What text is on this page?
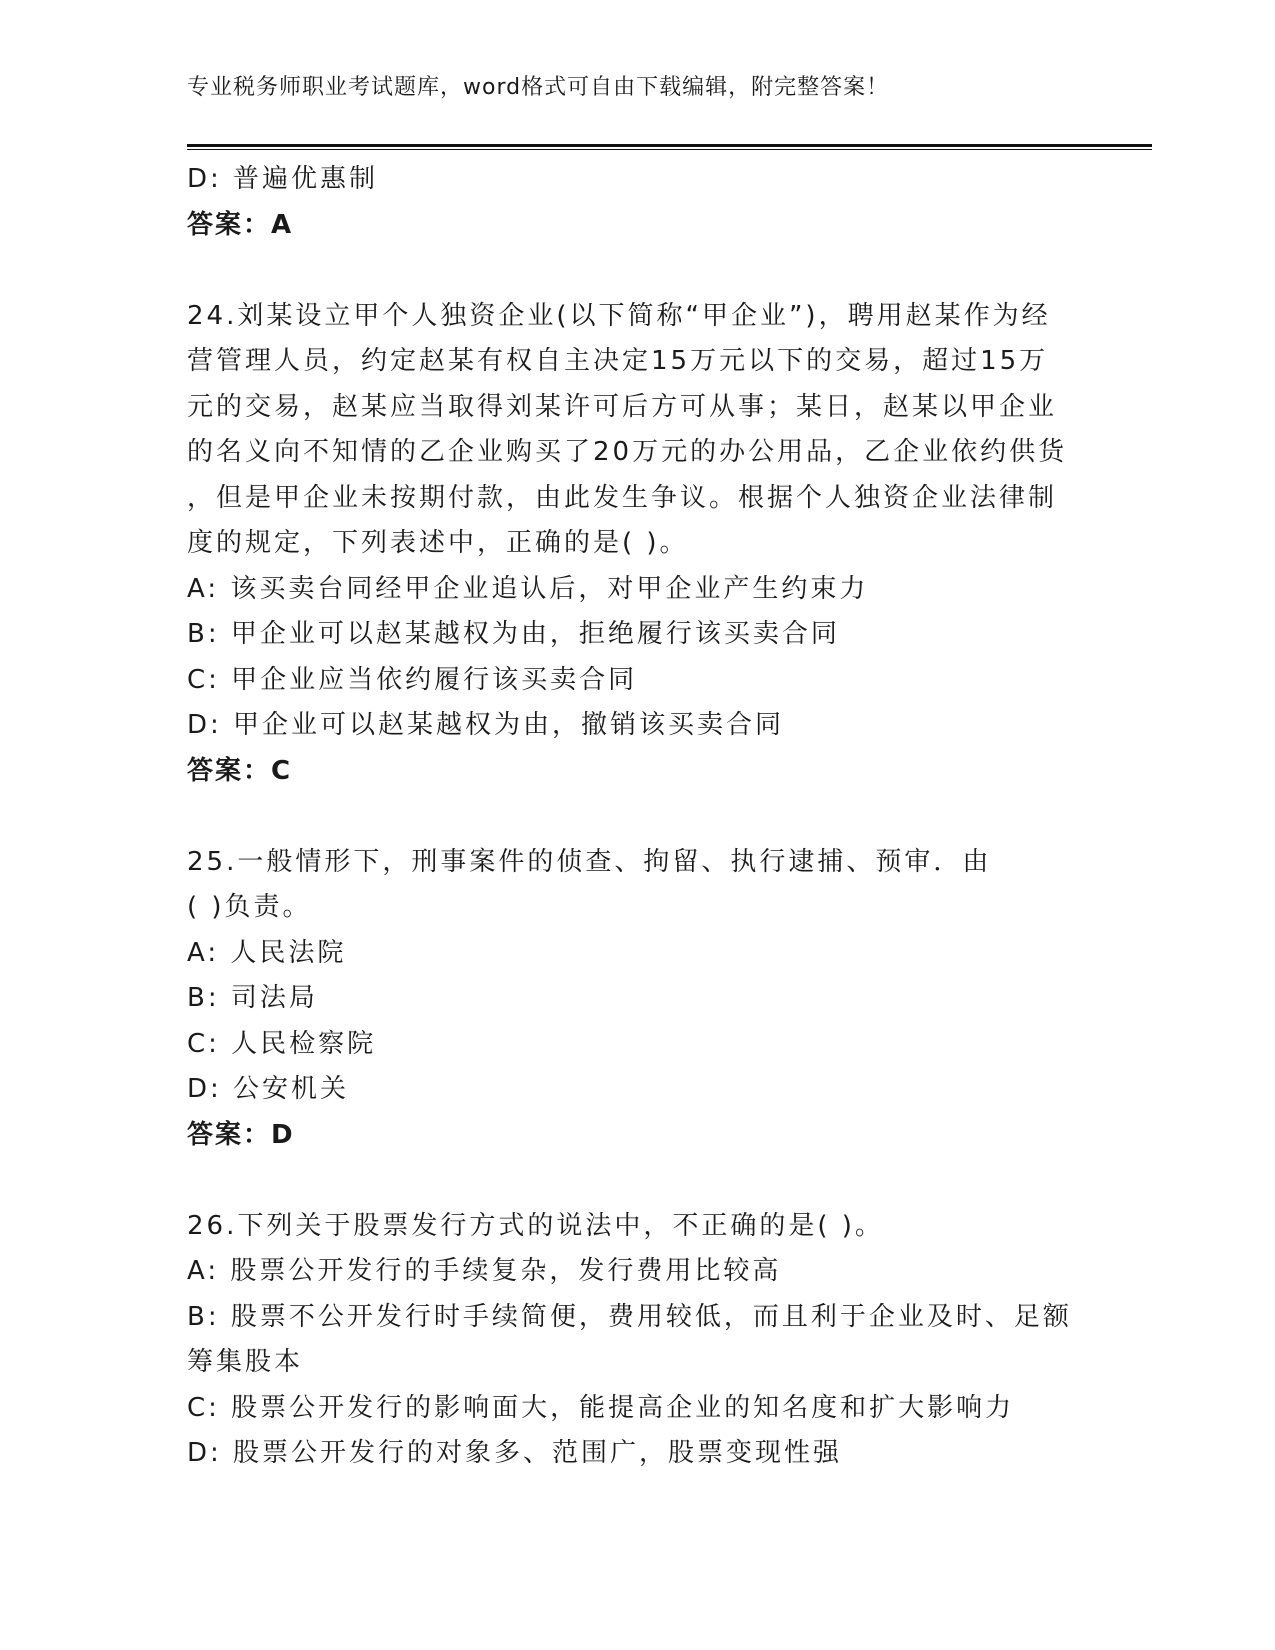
专业税务师职业考试题库，word格式可自由下载编辑，附完整答案！
D: 普遍优惠制
答案：A
24.刘某设立甲个人独资企业(以下简称“甲企业”)，聘用赵某作为经
营管理人员，约定赵某有权自主决定15万元以下的交易，超过15万
元的交易，赵某应当取得刘某许可后方可从事；某日，赵某以甲企业
的名义向不知情的乙企业购买了20万元的办公用品，乙企业依约供货
，但是甲企业未按期付款，由此发生争议。根据个人独资企业法律制
度的规定，下列表述中，正确的是( )。
A: 该买卖台同经甲企业追认后，对甲企业产生约束力
B: 甲企业可以赵某越权为由，拒绝履行该买卖合同
C: 甲企业应当依约履行该买卖合同
D: 甲企业可以赵某越权为由，撤销该买卖合同
答案：C
25.一般情形下，刑事案件的侦查、拘留、执行逮捕、预审．由
( )负责。
A: 人民法院
B: 司法局
C: 人民检察院
D: 公安机关
答案：D
26.下列关于股票发行方式的说法中，不正确的是( )。
A: 股票公开发行的手续复杂，发行费用比较高
B: 股票不公开发行时手续简便，费用较低，而且利于企业及时、足额
筹集股本
C: 股票公开发行的影响面大，能提高企业的知名度和扩大影响力
D: 股票公开发行的对象多、范围广，股票变现性强
